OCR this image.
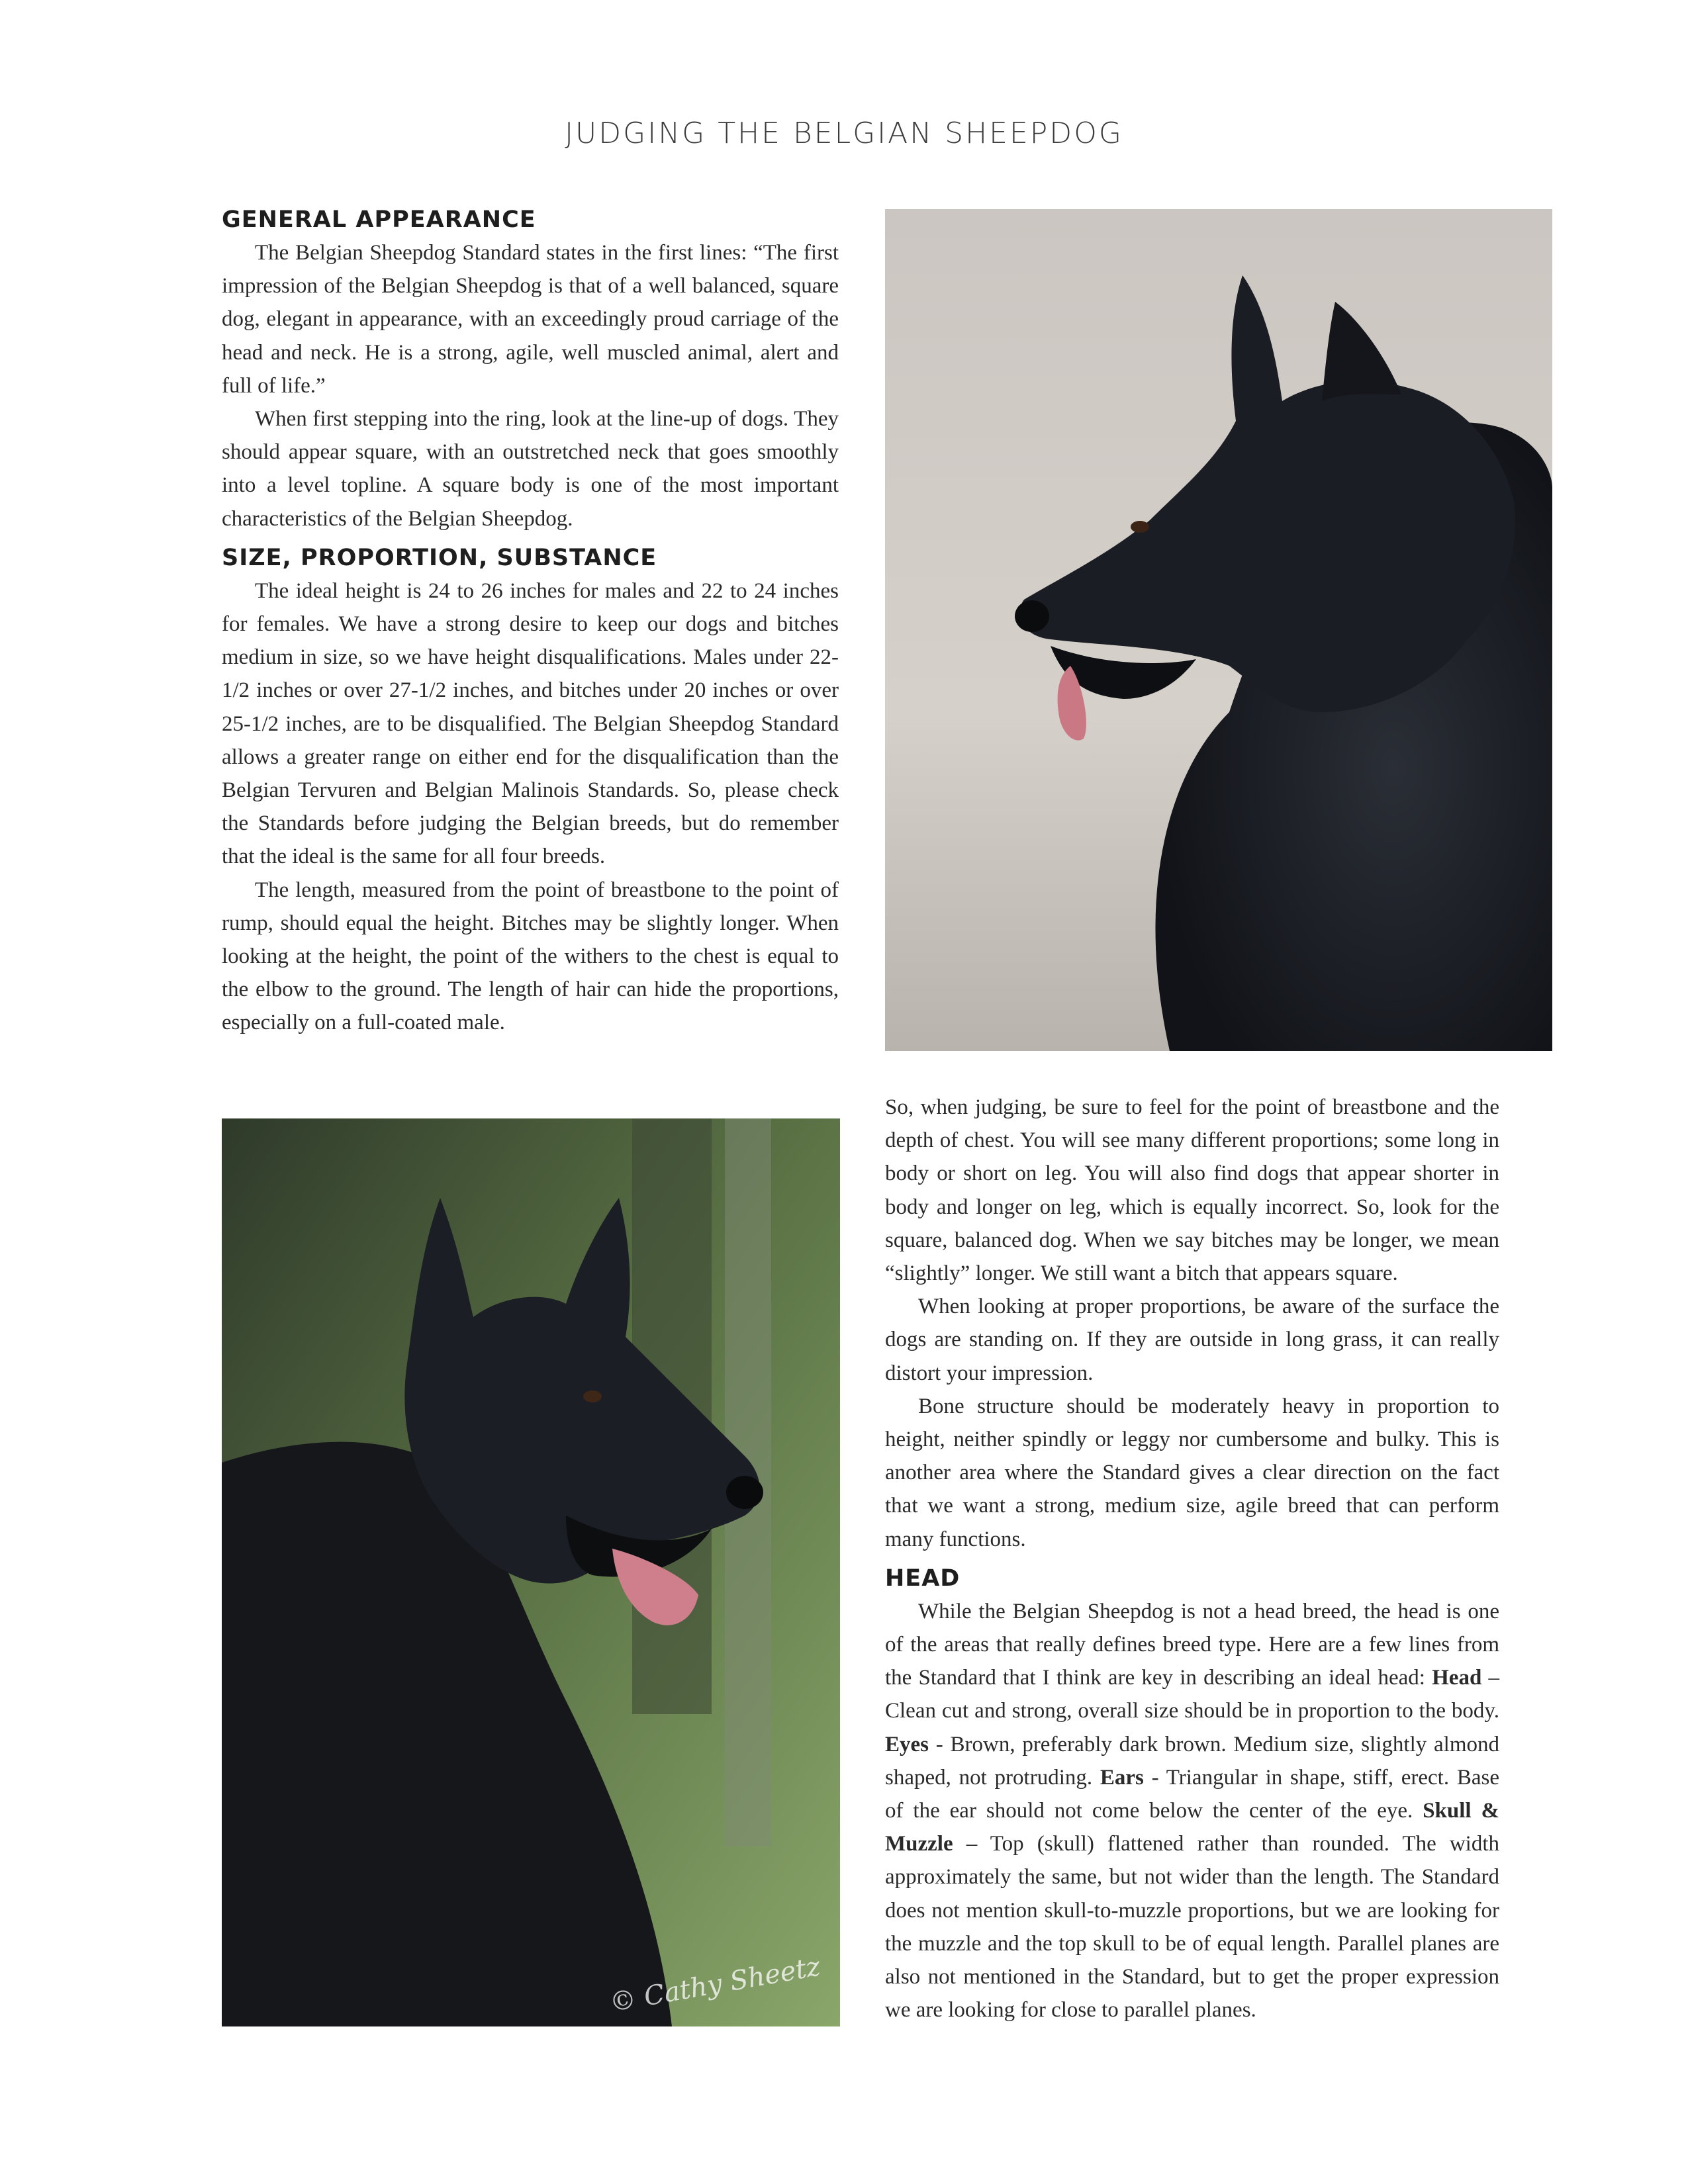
JUDGING THE BELGIAN SHEEPDOG
GENERAL APPEARANCE

The Belgian Sheepdog Standard states in the first lines: “The first impression of the Belgian Sheepdog is that of a well balanced, square dog, elegant in appearance, with an exceedingly proud carriage of the head and neck. He is a strong, agile, well muscled animal, alert and full of life.”

When first stepping into the ring, look at the line-up of dogs. They should appear square, with an outstretched neck that goes smoothly into a level topline. A square body is one of the most important characteristics of the Belgian Sheepdog.

SIZE, PROPORTION, SUBSTANCE

The ideal height is 24 to 26 inches for males and 22 to 24 inches for females. We have a strong desire to keep our dogs and bitches medium in size, so we have height disqualifications. Males under 22-1/2 inches or over 27-1/2 inches, and bitches under 20 inches or over 25-1/2 inches, are to be disqualified. The Belgian Sheepdog Standard allows a greater range on either end for the disqualification than the Belgian Tervuren and Belgian Malinois Standards. So, please check the Standards before judging the Belgian breeds, but do remember that the ideal is the same for all four breeds.

The length, measured from the point of breastbone to the point of rump, should equal the height. Bitches may be slightly longer. When looking at the height, the point of the withers to the chest is equal to the elbow to the ground. The length of hair can hide the proportions, especially on a full-coated male.

© Cathy Sheetz

So, when judging, be sure to feel for the point of breastbone and the depth of chest. You will see many different proportions; some long in body or short on leg. You will also find dogs that appear shorter in body and longer on leg, which is equally incorrect. So, look for the square, balanced dog. When we say bitches may be longer, we mean “slightly” longer. We still want a bitch that appears square.

When looking at proper proportions, be aware of the surface the dogs are standing on. If they are outside in long grass, it can really distort your impression.

Bone structure should be moderately heavy in proportion to height, neither spindly or leggy nor cumbersome and bulky. This is another area where the Standard gives a clear direction on the fact that we want a strong, medium size, agile breed that can perform many functions.

HEAD

While the Belgian Sheepdog is not a head breed, the head is one of the areas that really defines breed type. Here are a few lines from the Standard that I think are key in describing an ideal head: Head – Clean cut and strong, overall size should be in proportion to the body. Eyes - Brown, preferably dark brown. Medium size, slightly almond shaped, not protruding. Ears - Triangular in shape, stiff, erect. Base of the ear should not come below the center of the eye. Skull & Muzzle – Top (skull) flattened rather than rounded. The width approximately the same, but not wider than the length. The Standard does not mention skull-to-muzzle proportions, but we are looking for the muzzle and the top skull to be of equal length. Parallel planes are also not mentioned in the Standard, but to get the proper expression we are looking for close to parallel planes.
